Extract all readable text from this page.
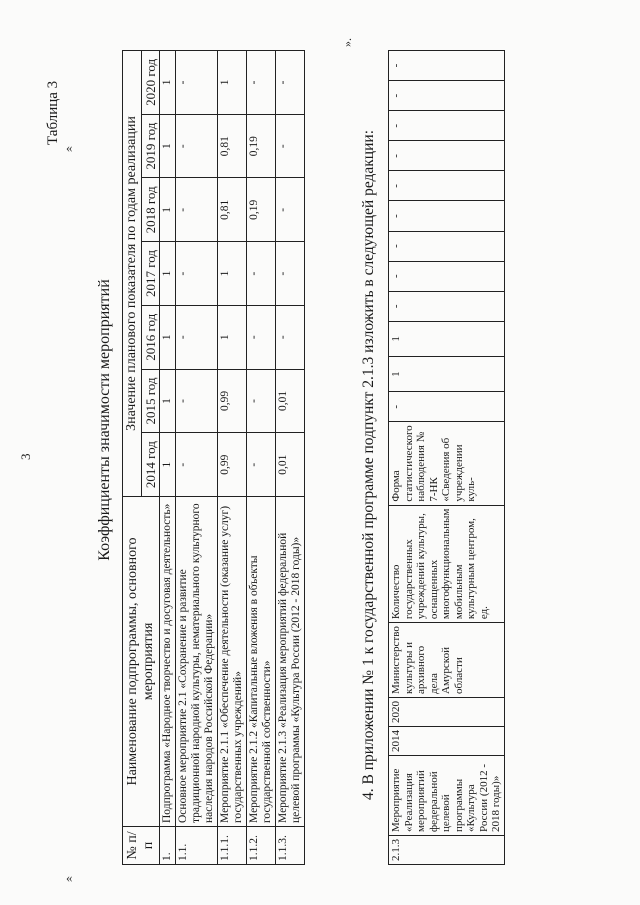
«
3
Таблица 3
Коэффициенты значимости мероприятий
№ п/п	Наименование подпрограммы, основного мероприятия	Значение планового показателя по годам реализации						
		2014 год	2015 год	2016 год	2017 год	2018 год	2019 год	2020 год
1.	Подпрограмма «Народное творчество и досуговая деятельность»	1	1	1	1	1	1	1
1.1.	Основное мероприятие 2.1 «Сохранение и развитие традиционной народной культуры, нематериального культурного наследия народов Российской Федерации»	-	-	-	-	-	-	-
1.1.1.	Мероприятие 2.1.1 «Обеспечение деятельности (оказание услуг) государственных учреждений»	0,99	0,99	1	1	0,81	0,81	1
1.1.2.	Мероприятие 2.1.2 «Капитальные вложения в объекты государственной собственности»	-	-	-	-	0,19	0,19	-
1.1.3.	Мероприятие 2.1.3 «Реализация мероприятий федеральной целевой программы «Культура России (2012 - 2018 годы)»	0,01	0,01	-	-	-	-	-
».
4. В приложении № 1 к государственной программе подпункт 2.1.3 изложить в следующей редакции:
2.1.3	Мероприятие «Реализация мероприятий федеральной целевой программы «Культура России (2012 - 2018 годы)»	2014	2020	Министерство культуры и архивного дела Амурской области	Количество государственных учреждений культуры, оснащенных многофункциональным мобильным культурным центром, ед.	Форма статистического наблюдения № 7-НК «Сведения об учреждении куль-	-	1	1	-	-	-	-	-	-	-	-	-
«
